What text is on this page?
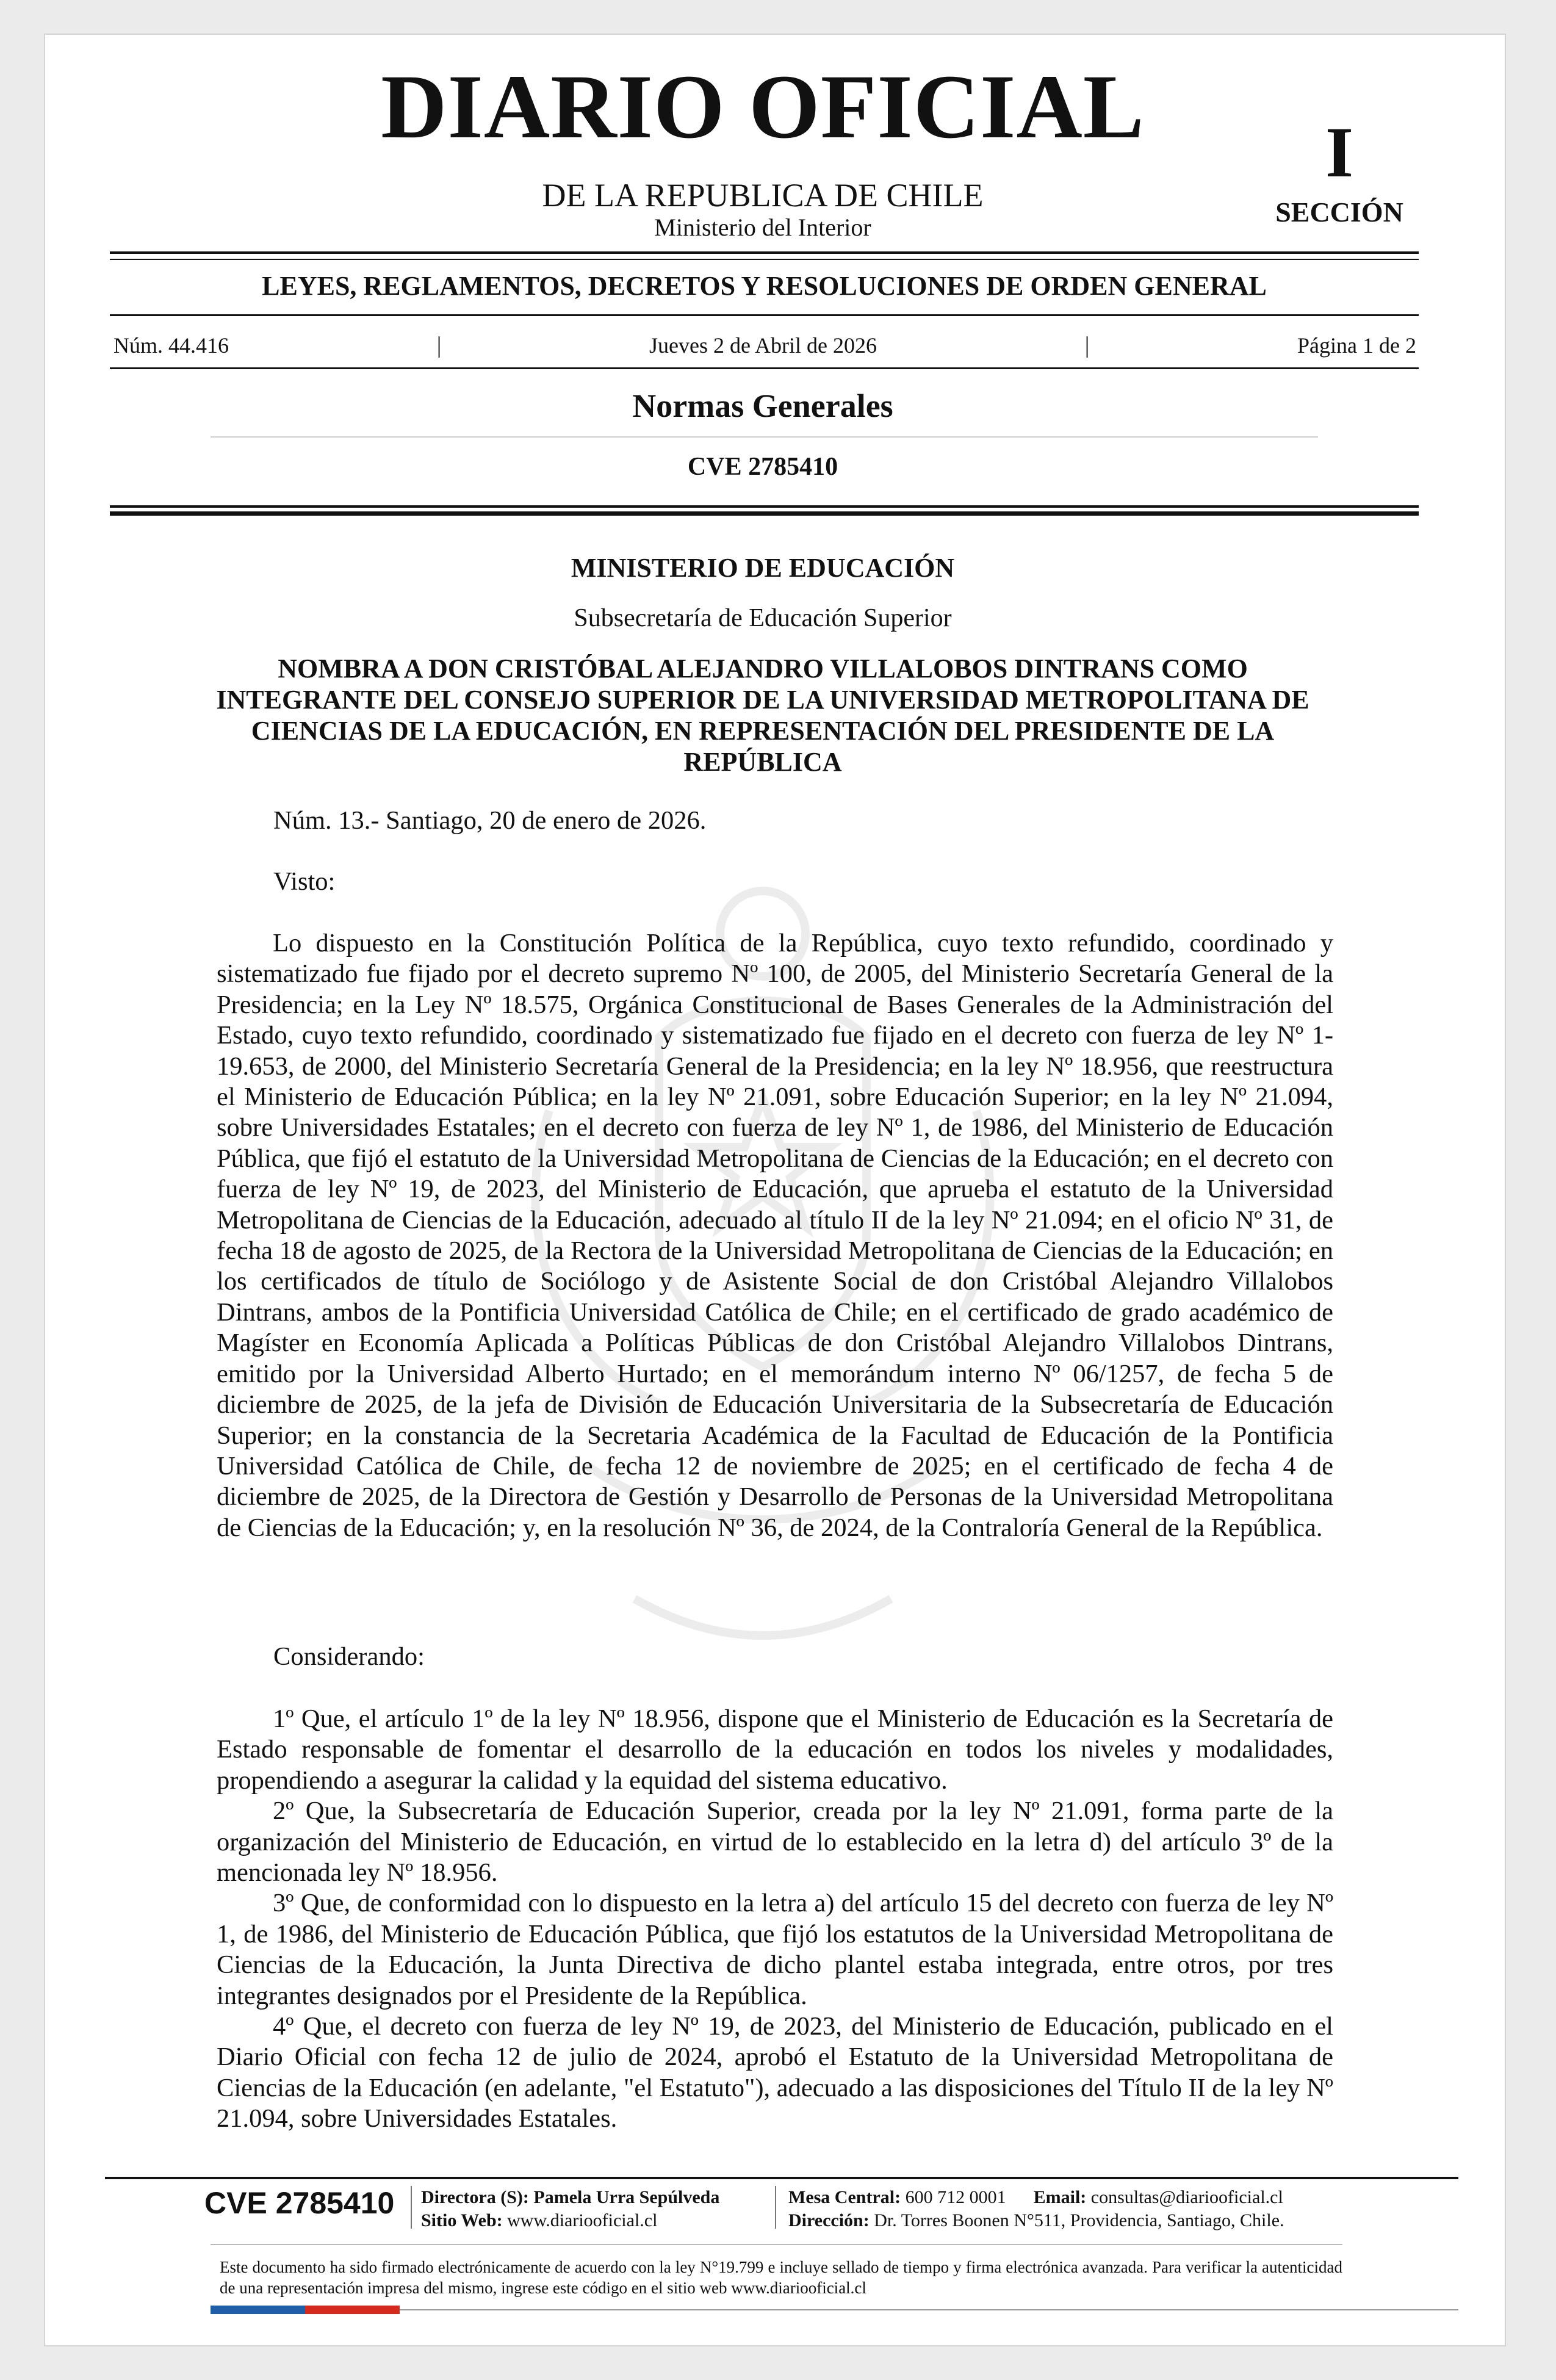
DIARIO OFICIAL
DE LA REPUBLICA DE CHILE
Ministerio del Interior
I
SECCIÓN
LEYES, REGLAMENTOS, DECRETOS Y RESOLUCIONES DE ORDEN GENERAL
Núm. 44.416	|	Jueves 2 de Abril de 2026	|	Página 1 de 2
Normas Generales
CVE 2785410
MINISTERIO DE EDUCACIÓN
Subsecretaría de Educación Superior
NOMBRA A DON CRISTÓBAL ALEJANDRO VILLALOBOS DINTRANS COMO INTEGRANTE DEL CONSEJO SUPERIOR DE LA UNIVERSIDAD METROPOLITANA DE CIENCIAS DE LA EDUCACIÓN, EN REPRESENTACIÓN DEL PRESIDENTE DE LA REPÚBLICA
Núm. 13.- Santiago, 20 de enero de 2026.
Visto:

Lo dispuesto en la Constitución Política de la República, cuyo texto refundido, coordinado y sistematizado fue fijado por el decreto supremo Nº 100, de 2005, del Ministerio Secretaría General de la Presidencia; en la Ley Nº 18.575, Orgánica Constitucional de Bases Generales de la Administración del Estado, cuyo texto refundido, coordinado y sistematizado fue fijado en el decreto con fuerza de ley Nº 1-19.653, de 2000, del Ministerio Secretaría General de la Presidencia; en la ley Nº 18.956, que reestructura el Ministerio de Educación Pública; en la ley Nº 21.091, sobre Educación Superior; en la ley Nº 21.094, sobre Universidades Estatales; en el decreto con fuerza de ley Nº 1, de 1986, del Ministerio de Educación Pública, que fijó el estatuto de la Universidad Metropolitana de Ciencias de la Educación; en el decreto con fuerza de ley Nº 19, de 2023, del Ministerio de Educación, que aprueba el estatuto de la Universidad Metropolitana de Ciencias de la Educación, adecuado al título II de la ley Nº 21.094; en el oficio Nº 31, de fecha 18 de agosto de 2025, de la Rectora de la Universidad Metropolitana de Ciencias de la Educación; en los certificados de título de Sociólogo y de Asistente Social de don Cristóbal Alejandro Villalobos Dintrans, ambos de la Pontificia Universidad Católica de Chile; en el certificado de grado académico de Magíster en Economía Aplicada a Políticas Públicas de don Cristóbal Alejandro Villalobos Dintrans, emitido por la Universidad Alberto Hurtado; en el memorándum interno Nº 06/1257, de fecha 5 de diciembre de 2025, de la jefa de División de Educación Universitaria de la Subsecretaría de Educación Superior; en la constancia de la Secretaria Académica de la Facultad de Educación de la Pontificia Universidad Católica de Chile, de fecha 12 de noviembre de 2025; en el certificado de fecha 4 de diciembre de 2025, de la Directora de Gestión y Desarrollo de Personas de la Universidad Metropolitana de Ciencias de la Educación; y, en la resolución Nº 36, de 2024, de la Contraloría General de la República.

Considerando:

1º Que, el artículo 1º de la ley Nº 18.956, dispone que el Ministerio de Educación es la Secretaría de Estado responsable de fomentar el desarrollo de la educación en todos los niveles y modalidades, propendiendo a asegurar la calidad y la equidad del sistema educativo.

2º Que, la Subsecretaría de Educación Superior, creada por la ley Nº 21.091, forma parte de la organización del Ministerio de Educación, en virtud de lo establecido en la letra d) del artículo 3º de la mencionada ley Nº 18.956.

3º Que, de conformidad con lo dispuesto en la letra a) del artículo 15 del decreto con fuerza de ley Nº 1, de 1986, del Ministerio de Educación Pública, que fijó los estatutos de la Universidad Metropolitana de Ciencias de la Educación, la Junta Directiva de dicho plantel estaba integrada, entre otros, por tres integrantes designados por el Presidente de la República.

4º Que, el decreto con fuerza de ley Nº 19, de 2023, del Ministerio de Educación, publicado en el Diario Oficial con fecha 12 de julio de 2024, aprobó el Estatuto de la Universidad Metropolitana de Ciencias de la Educación (en adelante, "el Estatuto"), adecuado a las disposiciones del Título II de la ley Nº 21.094, sobre Universidades Estatales.

CVE 2785410 Directora (S): Pamela Urra Sepúlveda
Sitio Web: www.diariooficial.cl
Mesa Central: 600 712 0001 Email: consultas@diariooficial.cl
Dirección: Dr. Torres Boonen N°511, Providencia, Santiago, Chile.
Este documento ha sido firmado electrónicamente de acuerdo con la ley N°19.799 e incluye sellado de tiempo y firma electrónica avanzada. Para verificar la autenticidad de una representación impresa del mismo, ingrese este código en el sitio web www.diariooficial.cl
